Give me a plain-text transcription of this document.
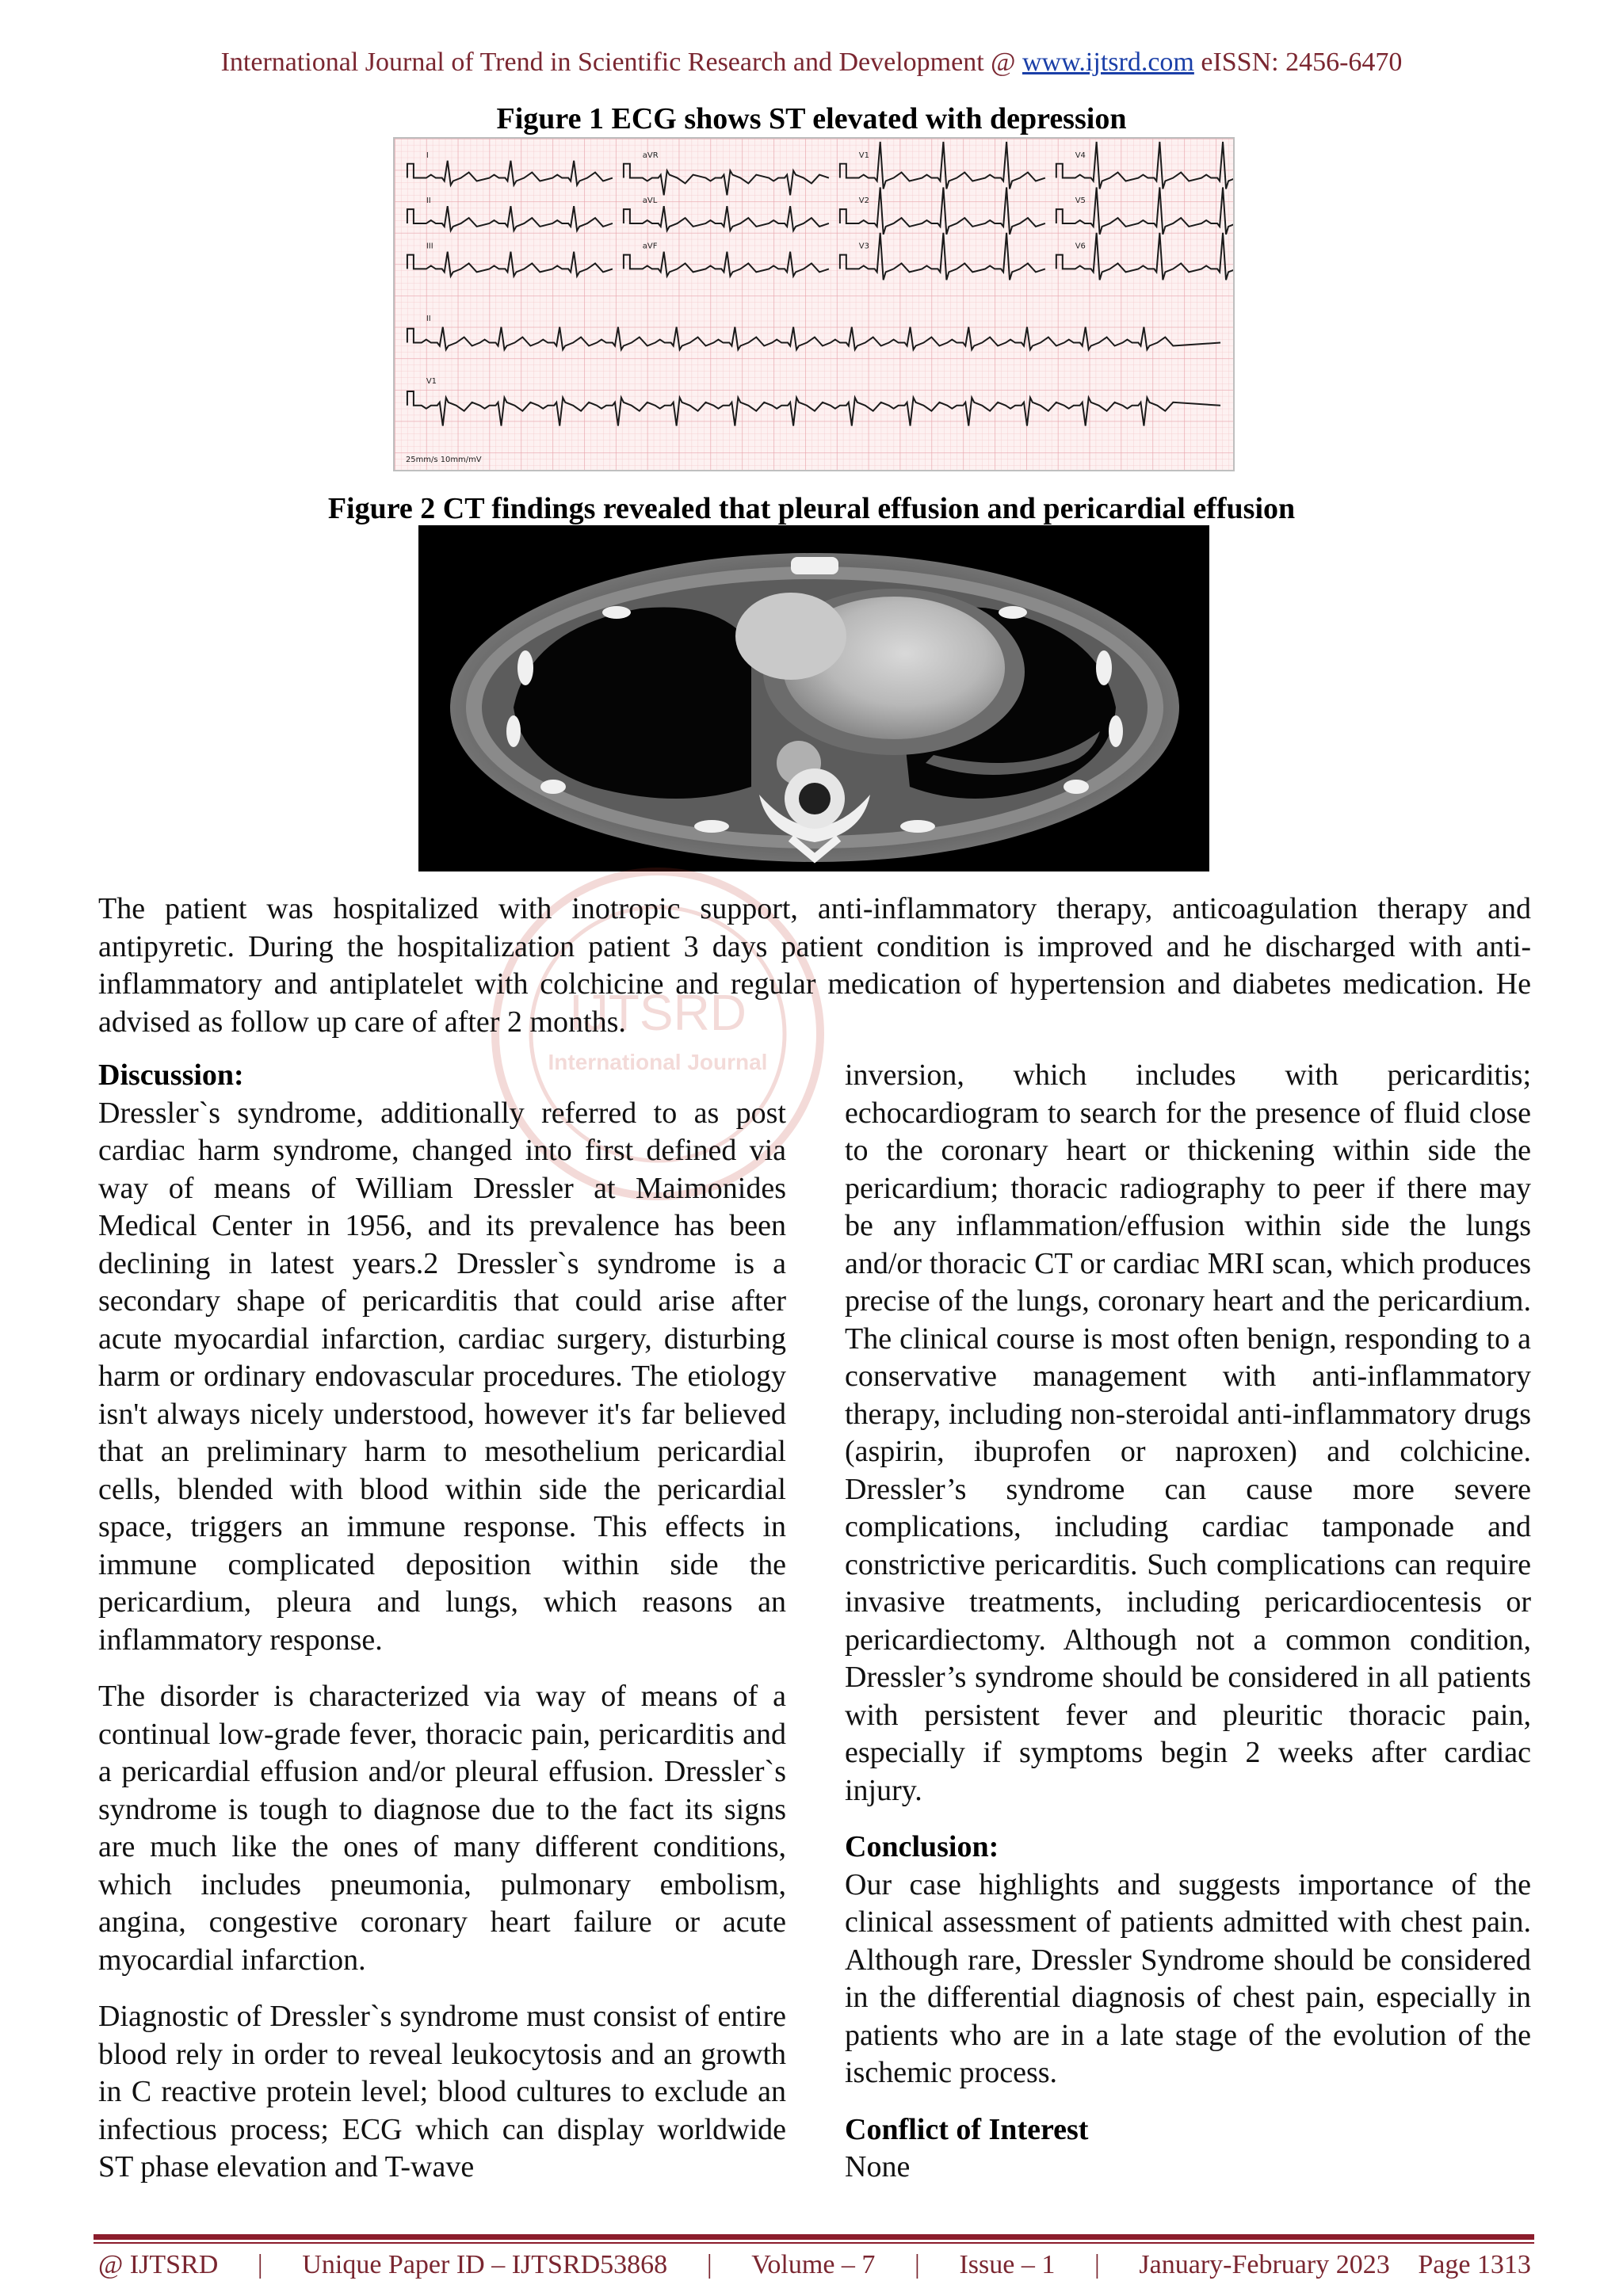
International Journal of Trend in Scientific Research and Development @ www.ijtsrd.com eISSN: 2456-6470
Figure 1 ECG shows ST elevated with depression
I	aVR	V1	V4
II	aVL	V2	V5
III	aVF	V3	V6
II
V1
25mm/s 10mm/mV
Figure 2 CT findings revealed that pleural effusion and pericardial effusion
IJTSRD
International Journal

The patient was hospitalized with inotropic support, anti-inflammatory therapy, anticoagulation therapy and antipyretic. During the hospitalization patient 3 days patient condition is improved and he discharged with anti-inflammatory and antiplatelet with colchicine and regular medication of hypertension and diabetes medication. He advised as follow up care of after 2 months.

Discussion:

Dressler`s syndrome, additionally referred to as post cardiac harm syndrome, changed into first defined via way of means of William Dressler at Maimonides Medical Center in 1956, and its prevalence has been declining in latest years.2 Dressler`s syndrome is a secondary shape of pericarditis that could arise after acute myocardial infarction, cardiac surgery, disturbing harm or ordinary endovascular procedures. The etiology isn't always nicely understood, however it's far believed that an preliminary harm to mesothelium pericardial cells, blended with blood within side the pericardial space, triggers an immune response. This effects in immune complicated deposition within side the pericardium, pleura and lungs, which reasons an inflammatory response.

The disorder is characterized via way of means of a continual low-grade fever, thoracic pain, pericarditis and a pericardial effusion and/or pleural effusion. Dressler`s syndrome is tough to diagnose due to the fact its signs are much like the ones of many different conditions, which includes pneumonia, pulmonary embolism, angina, congestive coronary heart failure or acute myocardial infarction.

Diagnostic of Dressler`s syndrome must consist of entire blood rely in order to reveal leukocytosis and an growth in C reactive protein level; blood cultures to exclude an infectious process; ECG which can display worldwide ST phase elevation and T-wave

inversion, which includes with pericarditis; echocardiogram to search for the presence of fluid close to the coronary heart or thickening within side the pericardium; thoracic radiography to peer if there may be any inflammation/effusion within side the lungs and/or thoracic CT or cardiac MRI scan, which produces precise of the lungs, coronary heart and the pericardium. The clinical course is most often benign, responding to a conservative management with anti-inflammatory therapy, including non-steroidal anti-inflammatory drugs (aspirin, ibuprofen or naproxen) and colchicine. Dressler’s syndrome can cause more severe complications, including cardiac tamponade and constrictive pericarditis. Such complications can require invasive treatments, including pericardiocentesis or pericardiectomy. Although not a common condition, Dressler’s syndrome should be considered in all patients with persistent fever and pleuritic thoracic pain, especially if symptoms begin 2 weeks after cardiac injury.

Conclusion:

Our case highlights and suggests importance of the clinical assessment of patients admitted with chest pain. Although rare, Dressler Syndrome should be considered in the differential diagnosis of chest pain, especially in patients who are in a late stage of the evolution of the ischemic process.

Conflict of Interest

None

@ IJTSRD	|	Unique Paper ID – IJTSRD53868	|	Volume – 7	|	Issue – 1	|	January-February 2023 Page 1313
